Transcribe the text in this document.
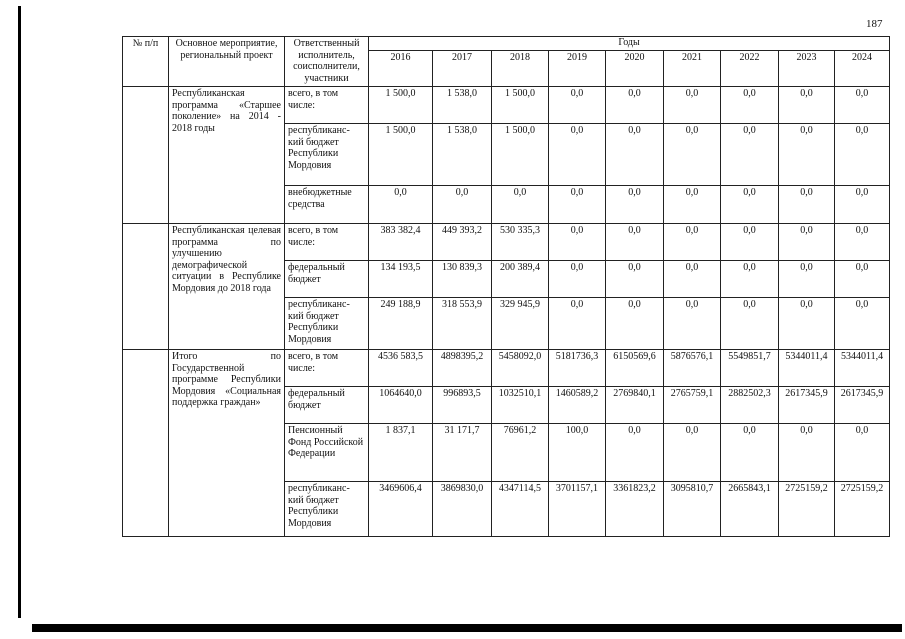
187
№ п/п	Основное мероприятие, региональный проект	Ответственный исполнитель, соисполнители, участники	Годы								
			2016	2017	2018	2019	2020	2021	2022	2023	2024
	Республиканская программа «Старшее поколение» на 2014 - 2018 годы	всего, в том числе:	1 500,0	1 538,0	1 500,0	0,0	0,0	0,0	0,0	0,0	0,0
		республиканс-кий бюджет Республики Мордовия	1 500,0	1 538,0	1 500,0	0,0	0,0	0,0	0,0	0,0	0,0
		внебюджетные средства	0,0	0,0	0,0	0,0	0,0	0,0	0,0	0,0	0,0
	Республиканская целевая программа по улучшению демографической ситуации в Республике Мордовия до 2018 года	всего, в том числе:	383 382,4	449 393,2	530 335,3	0,0	0,0	0,0	0,0	0,0	0,0
		федеральный бюджет	134 193,5	130 839,3	200 389,4	0,0	0,0	0,0	0,0	0,0	0,0
		республиканс-кий бюджет Республики Мордовия	249 188,9	318 553,9	329 945,9	0,0	0,0	0,0	0,0	0,0	0,0
	Итого по Государственной программе Республики Мордовия «Социальная поддержка граждан»	всего, в том числе:	4536 583,5	4898395,2	5458092,0	5181736,3	6150569,6	5876576,1	5549851,7	5344011,4	5344011,4
		федеральный бюджет	1064640,0	996893,5	1032510,1	1460589,2	2769840,1	2765759,1	2882502,3	2617345,9	2617345,9
		Пенсионный Фонд Российской Федерации	1 837,1	31 171,7	76961,2	100,0	0,0	0,0	0,0	0,0	0,0
		республиканс-кий бюджет Республики Мордовия	3469606,4	3869830,0	4347114,5	3701157,1	3361823,2	3095810,7	2665843,1	2725159,2	2725159,2
